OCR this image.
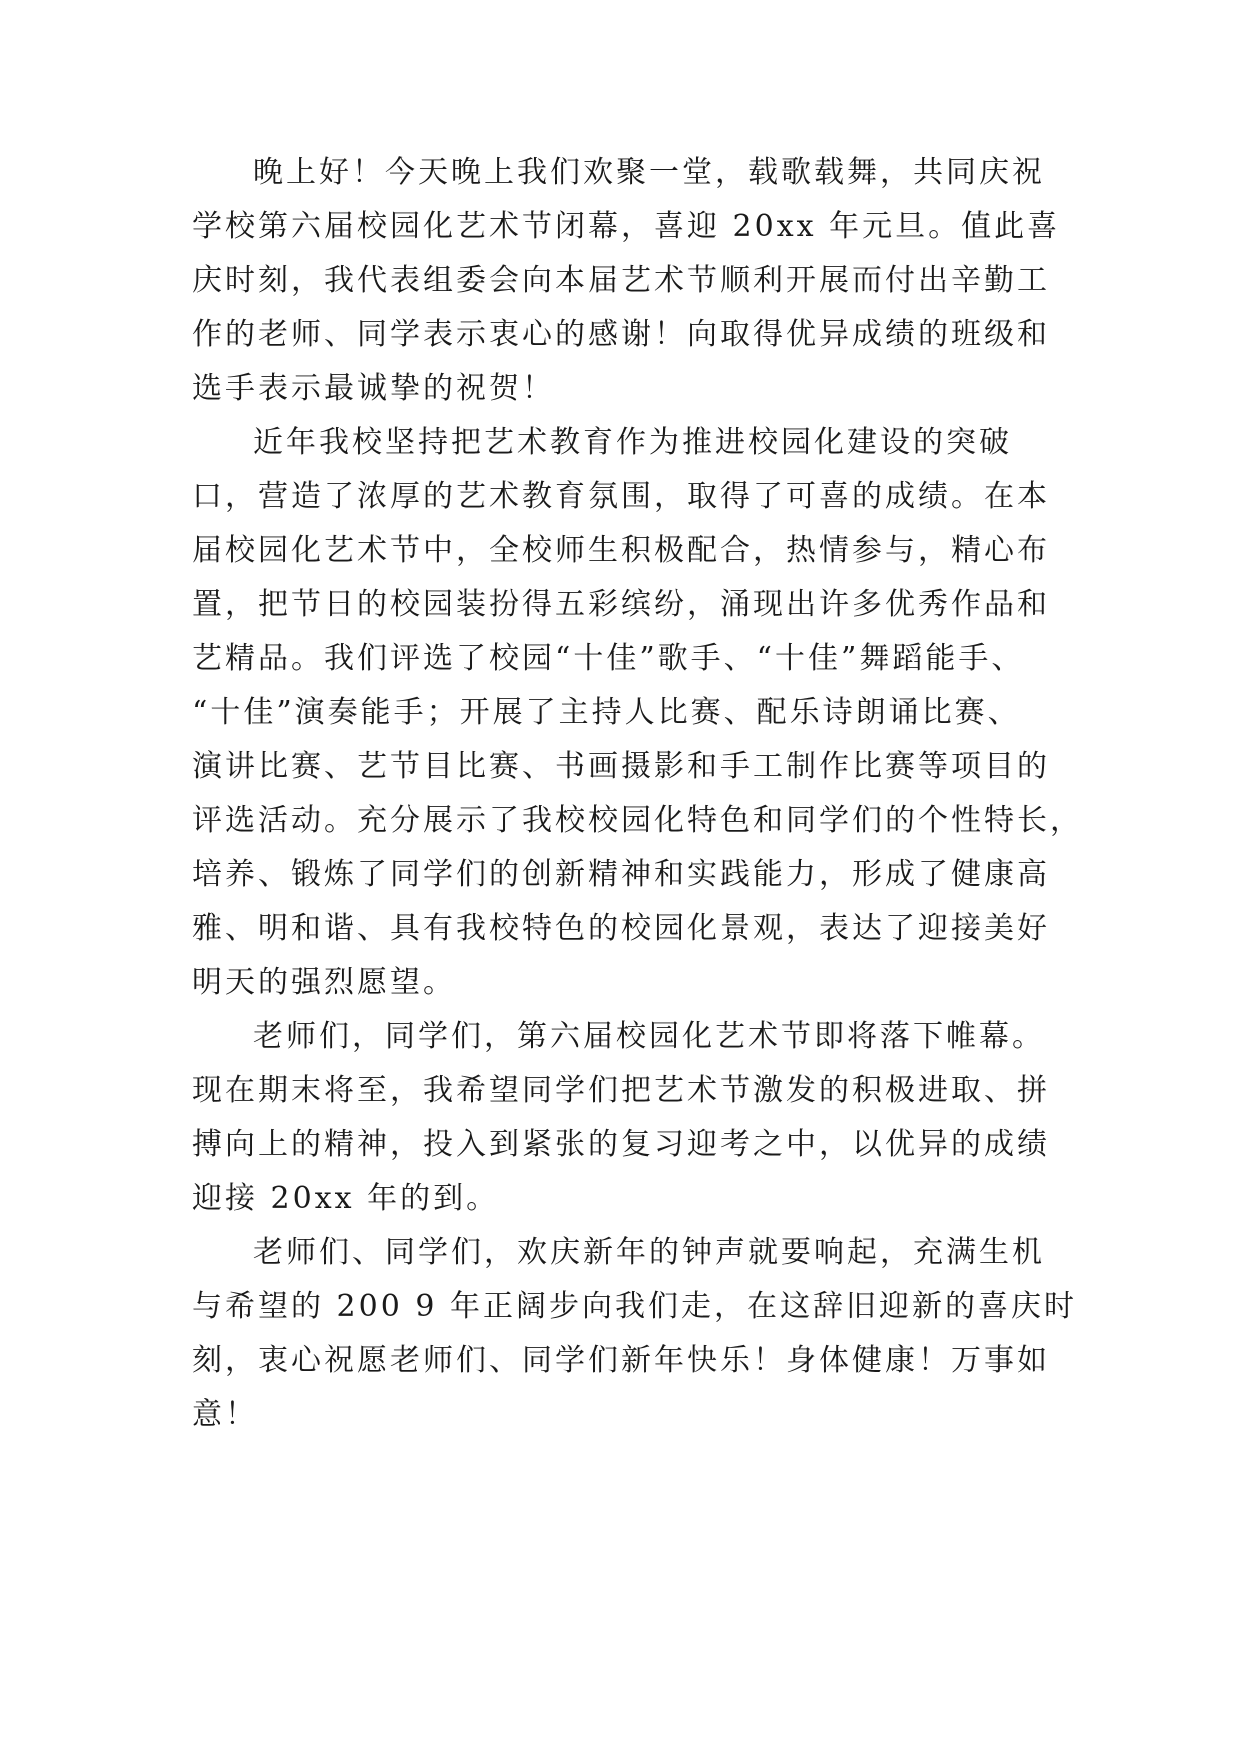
晚上好！今天晚上我们欢聚一堂，载歌载舞，共同庆祝

学校第六届校园化艺术节闭幕，喜迎 20xx 年元旦。值此喜

庆时刻，我代表组委会向本届艺术节顺利开展而付出辛勤工

作的老师、同学表示衷心的感谢！向取得优异成绩的班级和

选手表示最诚挚的祝贺！

近年我校坚持把艺术教育作为推进校园化建设的突破

口，营造了浓厚的艺术教育氛围，取得了可喜的成绩。在本

届校园化艺术节中，全校师生积极配合，热情参与，精心布

置，把节日的校园装扮得五彩缤纷，涌现出许多优秀作品和

艺精品。我们评选了校园“十佳”歌手、“十佳”舞蹈能手、

“十佳”演奏能手；开展了主持人比赛、配乐诗朗诵比赛、

演讲比赛、艺节目比赛、书画摄影和手工制作比赛等项目的

评选活动。充分展示了我校校园化特色和同学们的个性特长，

培养、锻炼了同学们的创新精神和实践能力，形成了健康高

雅、明和谐、具有我校特色的校园化景观，表达了迎接美好

明天的强烈愿望。

老师们，同学们，第六届校园化艺术节即将落下帷幕。

现在期末将至，我希望同学们把艺术节激发的积极进取、拼

搏向上的精神，投入到紧张的复习迎考之中，以优异的成绩

迎接 20xx 年的到。

老师们、同学们，欢庆新年的钟声就要响起，充满生机

与希望的 200 9 年正阔步向我们走，在这辞旧迎新的喜庆时

刻，衷心祝愿老师们、同学们新年快乐！身体健康！万事如

意！
